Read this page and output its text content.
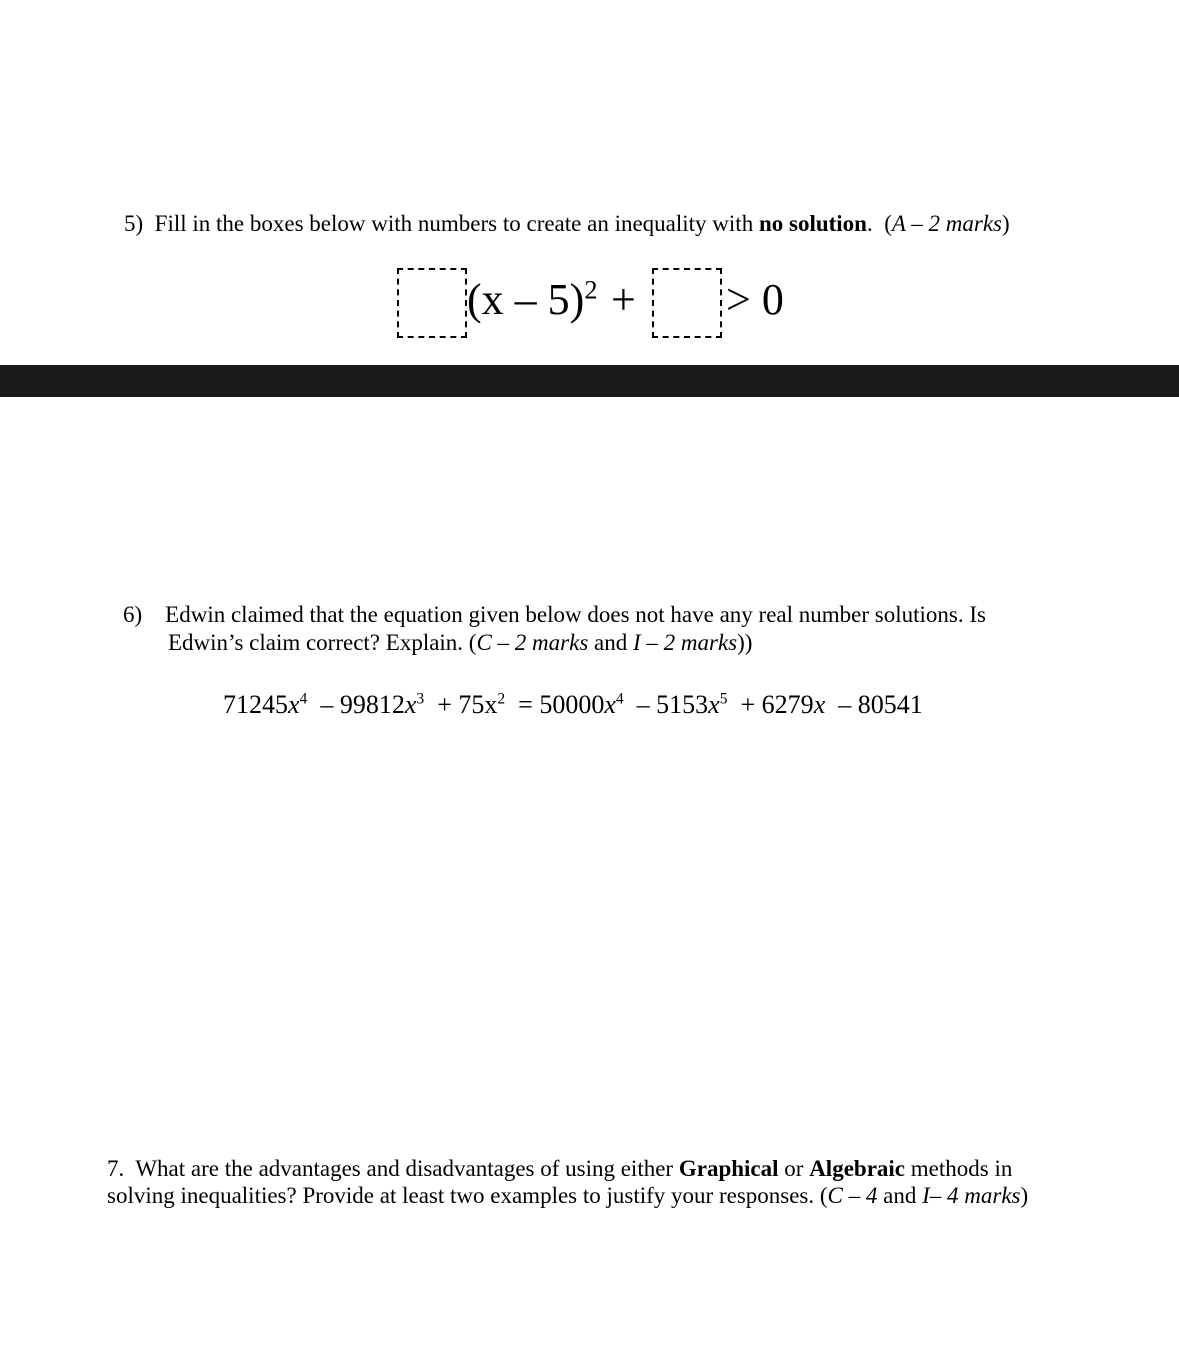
5) Fill in the boxes below with numbers to create an inequality with no solution. (A – 2 marks)
(x – 5)$^2$ + > 0
6) Edwin claimed that the equation given below does not have any real number solutions. Is
Edwin’s claim correct? Explain. (C – 2 marks and I – 2 marks))
$71245x^4 - 99812x^3 + 75x^2 = 50000x^4 - 5153x^5 + 6279x - 80541$
7. What are the advantages and disadvantages of using either Graphical or Algebraic methods in
solving inequalities? Provide at least two examples to justify your responses. (C – 4 and I– 4 marks)
